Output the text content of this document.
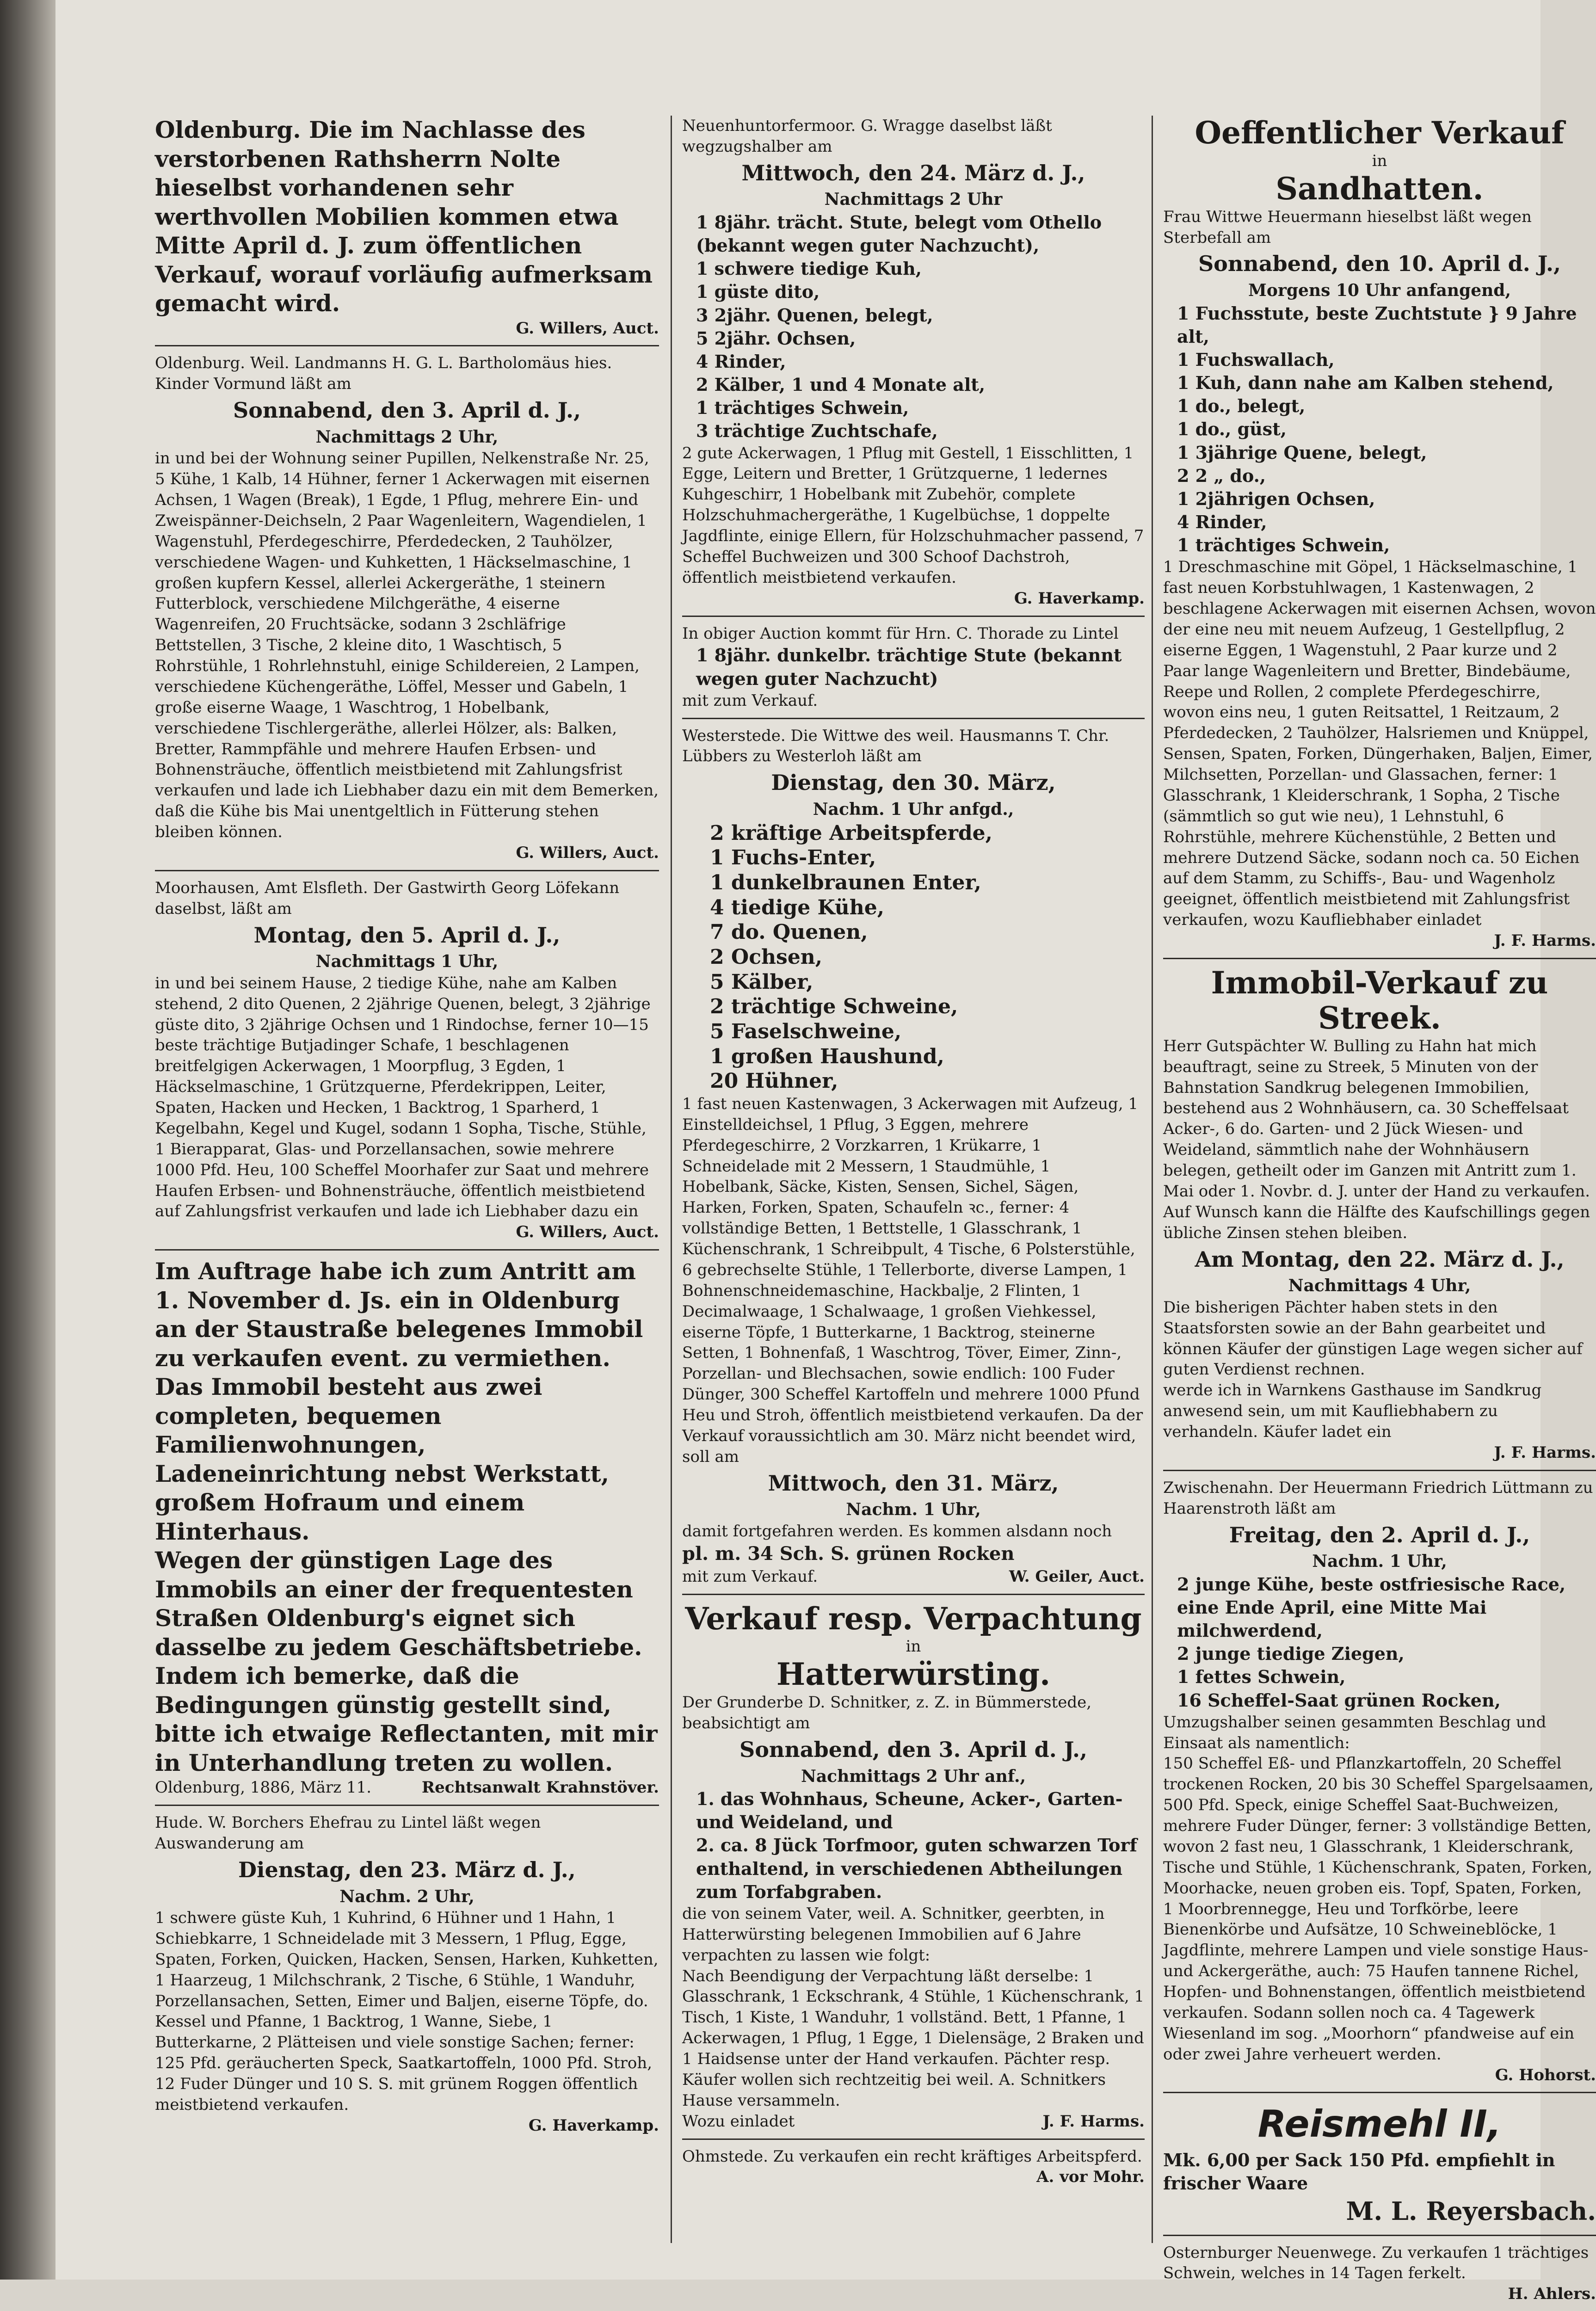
Oldenburg. Die im Nachlasse des verstorbenen Rathsherrn Nolte hieselbst vorhandenen sehr werthvollen Mobilien kommen etwa Mitte April d. J. zum öffentlichen Verkauf, worauf vorläufig aufmerksam gemacht wird.

G. Willers, Auct.

Oldenburg. Weil. Landmanns H. G. L. Bartholomäus hies. Kinder Vormund läßt am

Sonnabend, den 3. April d. J.,

Nachmittags 2 Uhr,

in und bei der Wohnung seiner Pupillen, Nelkenstraße Nr. 25, 5 Kühe, 1 Kalb, 14 Hühner, ferner 1 Ackerwagen mit eisernen Achsen, 1 Wagen (Break), 1 Egde, 1 Pflug, mehrere Ein- und Zweispänner-Deichseln, 2 Paar Wagenleitern, Wagendielen, 1 Wagenstuhl, Pferdegeschirre, Pferdedecken, 2 Tauhölzer, verschiedene Wagen- und Kuhketten, 1 Häckselmaschine, 1 großen kupfern Kessel, allerlei Ackergeräthe, 1 steinern Futterblock, verschiedene Milchgeräthe, 4 eiserne Wagenreifen, 20 Fruchtsäcke, sodann 3 2schläfrige Bettstellen, 3 Tische, 2 kleine dito, 1 Waschtisch, 5 Rohrstühle, 1 Rohrlehnstuhl, einige Schildereien, 2 Lampen, verschiedene Küchengeräthe, Löffel, Messer und Gabeln, 1 große eiserne Waage, 1 Waschtrog, 1 Hobelbank, verschiedene Tischlergeräthe, allerlei Hölzer, als: Balken, Bretter, Rammpfähle und mehrere Haufen Erbsen- und Bohnensträuche, öffentlich meistbietend mit Zahlungsfrist verkaufen und lade ich Liebhaber dazu ein mit dem Bemerken, daß die Kühe bis Mai unentgeltlich in Fütterung stehen bleiben können.

G. Willers, Auct.

Moorhausen, Amt Elsfleth. Der Gastwirth Georg Löfekann daselbst, läßt am

Montag, den 5. April d. J.,

Nachmittags 1 Uhr,

in und bei seinem Hause, 2 tiedige Kühe, nahe am Kalben stehend, 2 dito Quenen, 2 2jährige Quenen, belegt, 3 2jährige güste dito, 3 2jährige Ochsen und 1 Rindochse, ferner 10—15 beste trächtige Butjadinger Schafe, 1 beschlagenen breitfelgigen Ackerwagen, 1 Moorpflug, 3 Egden, 1 Häckselmaschine, 1 Grützquerne, Pferdekrippen, Leiter, Spaten, Hacken und Hecken, 1 Backtrog, 1 Sparherd, 1 Kegelbahn, Kegel und Kugel, sodann 1 Sopha, Tische, Stühle, 1 Bierapparat, Glas- und Porzellansachen, sowie mehrere 1000 Pfd. Heu, 100 Scheffel Moorhafer zur Saat und mehrere Haufen Erbsen- und Bohnensträuche, öffentlich meistbietend auf Zahlungsfrist verkaufen und lade ich Liebhaber dazu ein

G. Willers, Auct.

Im Auftrage habe ich zum Antritt am 1. November d. Js. ein in Oldenburg an der Staustraße belegenes Immobil zu verkaufen event. zu vermiethen.

Das Immobil besteht aus zwei completen, bequemen Familienwohnungen, Ladeneinrichtung nebst Werkstatt, großem Hofraum und einem Hinterhaus.

Wegen der günstigen Lage des Immobils an einer der frequentesten Straßen Oldenburg's eignet sich dasselbe zu jedem Geschäftsbetriebe.

Indem ich bemerke, daß die Bedingungen günstig gestellt sind, bitte ich etwaige Reflectanten, mit mir in Unterhandlung treten zu wollen.

Oldenburg, 1886, März 11.	Rechtsanwalt Krahnstöver.

Hude. W. Borchers Ehefrau zu Lintel läßt wegen Auswanderung am

Dienstag, den 23. März d. J.,

Nachm. 2 Uhr,

1 schwere güste Kuh, 1 Kuhrind, 6 Hühner und 1 Hahn, 1 Schiebkarre, 1 Schneidelade mit 3 Messern, 1 Pflug, Egge, Spaten, Forken, Quicken, Hacken, Sensen, Harken, Kuhketten, 1 Haarzeug, 1 Milchschrank, 2 Tische, 6 Stühle, 1 Wanduhr, Porzellansachen, Setten, Eimer und Baljen, eiserne Töpfe, do. Kessel und Pfanne, 1 Backtrog, 1 Wanne, Siebe, 1 Butterkarne, 2 Plätteisen und viele sonstige Sachen; ferner: 125 Pfd. geräucherten Speck, Saatkartoffeln, 1000 Pfd. Stroh, 12 Fuder Dünger und 10 S. S. mit grünem Roggen öffentlich meistbietend verkaufen.

G. Haverkamp.

Neuenhuntorfermoor. G. Wragge daselbst läßt wegzugshalber am

Mittwoch, den 24. März d. J.,

Nachmittags 2 Uhr

1 8jähr. trächt. Stute, belegt vom Othello (bekannt wegen guter Nachzucht),

1 schwere tiedige Kuh,

1 güste dito,

3 2jähr. Quenen, belegt,

5 2jähr. Ochsen,

4 Rinder,

2 Kälber, 1 und 4 Monate alt,

1 trächtiges Schwein,

3 trächtige Zuchtschafe,

2 gute Ackerwagen, 1 Pflug mit Gestell, 1 Eisschlitten, 1 Egge, Leitern und Bretter, 1 Grützquerne, 1 ledernes Kuhgeschirr, 1 Hobelbank mit Zubehör, complete Holzschuhmachergeräthe, 1 Kugelbüchse, 1 doppelte Jagdflinte, einige Ellern, für Holzschuhmacher passend, 7 Scheffel Buchweizen und 300 Schoof Dachstroh, öffentlich meistbietend verkaufen.

G. Haverkamp.

In obiger Auction kommt für Hrn. C. Thorade zu Lintel

1 8jähr. dunkelbr. trächtige Stute (bekannt wegen guter Nachzucht)

mit zum Verkauf.

Westerstede. Die Wittwe des weil. Hausmanns T. Chr. Lübbers zu Westerloh läßt am

Dienstag, den 30. März,

Nachm. 1 Uhr anfgd.,

2 kräftige Arbeitspferde,

1 Fuchs-Enter,

1 dunkelbraunen Enter,

4 tiedige Kühe,

7 do. Quenen,

2 Ochsen,

5 Kälber,

2 trächtige Schweine,

5 Faselschweine,

1 großen Haushund,

20 Hühner,

1 fast neuen Kastenwagen, 3 Ackerwagen mit Aufzeug, 1 Einstelldeichsel, 1 Pflug, 3 Eggen, mehrere Pferdegeschirre, 2 Vorzkarren, 1 Krükarre, 1 Schneidelade mit 2 Messern, 1 Staudmühle, 1 Hobelbank, Säcke, Kisten, Sensen, Sichel, Sägen, Harken, Forken, Spaten, Schaufeln ꝛc., ferner: 4 vollständige Betten, 1 Bettstelle, 1 Glasschrank, 1 Küchenschrank, 1 Schreibpult, 4 Tische, 6 Polsterstühle, 6 gebrechselte Stühle, 1 Tellerborte, diverse Lampen, 1 Bohnenschneidemaschine, Hackbalje, 2 Flinten, 1 Decimalwaage, 1 Schalwaage, 1 großen Viehkessel, eiserne Töpfe, 1 Butterkarne, 1 Backtrog, steinerne Setten, 1 Bohnenfaß, 1 Waschtrog, Töver, Eimer, Zinn-, Porzellan- und Blechsachen, sowie endlich: 100 Fuder Dünger, 300 Scheffel Kartoffeln und mehrere 1000 Pfund Heu und Stroh, öffentlich meistbietend verkaufen. Da der Verkauf voraussichtlich am 30. März nicht beendet wird, soll am

Mittwoch, den 31. März,

Nachm. 1 Uhr,

damit fortgefahren werden. Es kommen alsdann noch

pl. m. 34 Sch. S. grünen Rocken

mit zum Verkauf.	W. Geiler, Auct.

Verkauf resp. Verpachtung

in

Hatterwürsting.

Der Grunderbe D. Schnitker, z. Z. in Bümmerstede, beabsichtigt am

Sonnabend, den 3. April d. J.,

Nachmittags 2 Uhr anf.,

1. das Wohnhaus, Scheune, Acker-, Garten- und Weideland, und

2. ca. 8 Jück Torfmoor, guten schwarzen Torf enthaltend, in verschiedenen Abtheilungen zum Torfabgraben.

die von seinem Vater, weil. A. Schnitker, geerbten, in Hatterwürsting belegenen Immobilien auf 6 Jahre verpachten zu lassen wie folgt:

Nach Beendigung der Verpachtung läßt derselbe: 1 Glasschrank, 1 Eckschrank, 4 Stühle, 1 Küchenschrank, 1 Tisch, 1 Kiste, 1 Wanduhr, 1 vollständ. Bett, 1 Pfanne, 1 Ackerwagen, 1 Pflug, 1 Egge, 1 Dielensäge, 2 Braken und 1 Haidsense unter der Hand verkaufen. Pächter resp. Käufer wollen sich rechtzeitig bei weil. A. Schnitkers Hause versammeln.

Wozu einladet	J. F. Harms.

Ohmstede. Zu verkaufen ein recht kräftiges Arbeitspferd.

A. vor Mohr.

Oeffentlicher Verkauf

in

Sandhatten.

Frau Wittwe Heuermann hieselbst läßt wegen Sterbefall am

Sonnabend, den 10. April d. J.,

Morgens 10 Uhr anfangend,

1 Fuchsstute, beste Zuchtstute } 9 Jahre alt,

1 Fuchswallach,

1 Kuh, dann nahe am Kalben stehend,

1 do., belegt,

1 do., güst,

1 3jährige Quene, belegt,

2 2 „ do.,

1 2jährigen Ochsen,

4 Rinder,

1 trächtiges Schwein,

1 Dreschmaschine mit Göpel, 1 Häckselmaschine, 1 fast neuen Korbstuhlwagen, 1 Kastenwagen, 2 beschlagene Ackerwagen mit eisernen Achsen, wovon der eine neu mit neuem Aufzeug, 1 Gestellpflug, 2 eiserne Eggen, 1 Wagenstuhl, 2 Paar kurze und 2 Paar lange Wagenleitern und Bretter, Bindebäume, Reepe und Rollen, 2 complete Pferdegeschirre, wovon eins neu, 1 guten Reitsattel, 1 Reitzaum, 2 Pferdedecken, 2 Tauhölzer, Halsriemen und Knüppel, Sensen, Spaten, Forken, Düngerhaken, Baljen, Eimer, Milchsetten, Porzellan- und Glassachen, ferner: 1 Glasschrank, 1 Kleiderschrank, 1 Sopha, 2 Tische (sämmtlich so gut wie neu), 1 Lehnstuhl, 6 Rohrstühle, mehrere Küchenstühle, 2 Betten und mehrere Dutzend Säcke, sodann noch ca. 50 Eichen auf dem Stamm, zu Schiffs-, Bau- und Wagenholz geeignet, öffentlich meistbietend mit Zahlungsfrist verkaufen, wozu Kaufliebhaber einladet

J. F. Harms.

Immobil-Verkauf zu Streek.

Herr Gutspächter W. Bulling zu Hahn hat mich beauftragt, seine zu Streek, 5 Minuten von der Bahnstation Sandkrug belegenen Immobilien, bestehend aus 2 Wohnhäusern, ca. 30 Scheffelsaat Acker-, 6 do. Garten- und 2 Jück Wiesen- und Weideland, sämmtlich nahe der Wohnhäusern belegen, getheilt oder im Ganzen mit Antritt zum 1. Mai oder 1. Novbr. d. J. unter der Hand zu verkaufen. Auf Wunsch kann die Hälfte des Kaufschillings gegen übliche Zinsen stehen bleiben.

Am Montag, den 22. März d. J.,

Nachmittags 4 Uhr,

Die bisherigen Pächter haben stets in den Staatsforsten sowie an der Bahn gearbeitet und können Käufer der günstigen Lage wegen sicher auf guten Verdienst rechnen.

werde ich in Warnkens Gasthause im Sandkrug anwesend sein, um mit Kaufliebhabern zu verhandeln. Käufer ladet ein

J. F. Harms.

Zwischenahn. Der Heuermann Friedrich Lüttmann zu Haarenstroth läßt am

Freitag, den 2. April d. J.,

Nachm. 1 Uhr,

2 junge Kühe, beste ostfriesische Race, eine Ende April, eine Mitte Mai milchwerdend,

2 junge tiedige Ziegen,

1 fettes Schwein,

16 Scheffel-Saat grünen Rocken,

Umzugshalber seinen gesammten Beschlag und Einsaat als namentlich:

150 Scheffel Eß- und Pflanzkartoffeln, 20 Scheffel trockenen Rocken, 20 bis 30 Scheffel Spargelsaamen, 500 Pfd. Speck, einige Scheffel Saat-Buchweizen, mehrere Fuder Dünger, ferner: 3 vollständige Betten, wovon 2 fast neu, 1 Glasschrank, 1 Kleiderschrank, Tische und Stühle, 1 Küchenschrank, Spaten, Forken, Moorhacke, neuen groben eis. Topf, Spaten, Forken, 1 Moorbrennegge, Heu und Torfkörbe, leere Bienenkörbe und Aufsätze, 10 Schweineblöcke, 1 Jagdflinte, mehrere Lampen und viele sonstige Haus- und Ackergeräthe, auch: 75 Haufen tannene Richel, Hopfen- und Bohnenstangen, öffentlich meistbietend verkaufen. Sodann sollen noch ca. 4 Tagewerk Wiesenland im sog. „Moorhorn“ pfandweise auf ein oder zwei Jahre verheuert werden.

G. Hohorst.

Reismehl II,

Mk. 6,00 per Sack 150 Pfd. empfiehlt in frischer Waare

M. L. Reyersbach.

Osternburger Neuenwege. Zu verkaufen 1 trächtiges Schwein, welches in 14 Tagen ferkelt.

H. Ahlers.
